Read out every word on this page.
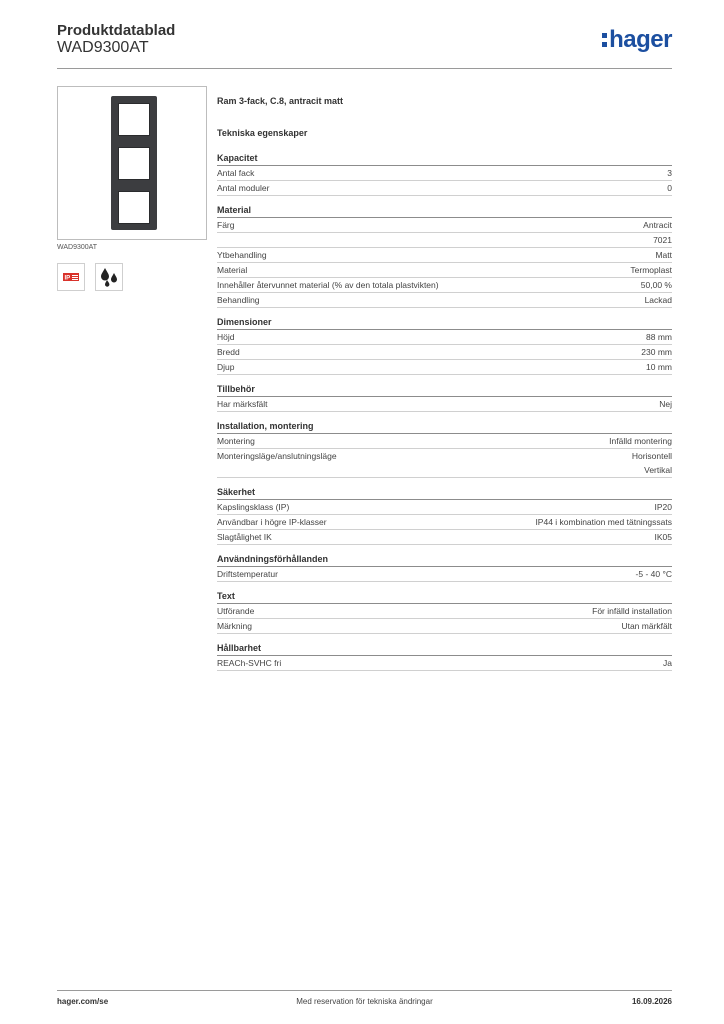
Produktdatablad
WAD9300AT	hager
WAD9300AT
IP
Ram 3-fack, C.8, antracit matt
Tekniska egenskaper
Kapacitet
Antal fack	3
Antal moduler	0
Material
Färg	Antracit
7021
Ytbehandling	Matt
Material	Termoplast
Innehåller återvunnet material (% av den totala plastvikten)	50,00 %
Behandling	Lackad
Dimensioner
Höjd	88 mm
Bredd	230 mm
Djup	10 mm
Tillbehör
Har märksfält	Nej
Installation, montering
Montering	Infälld montering
Monteringsläge/anslutningsläge	Horisontell
Vertikal
Säkerhet
Kapslingsklass (IP)	IP20
Användbar i högre IP-klasser	IP44 i kombination med tätningssats
Slagtålighet IK	IK05
Användningsförhållanden
Driftstemperatur	-5 - 40 °C
Text
Utförande	För infälld installation
Märkning	Utan märkfält
Hållbarhet
REACh-SVHC fri	Ja
hager.com/se	Med reservation för tekniska ändringar	16.09.2026
